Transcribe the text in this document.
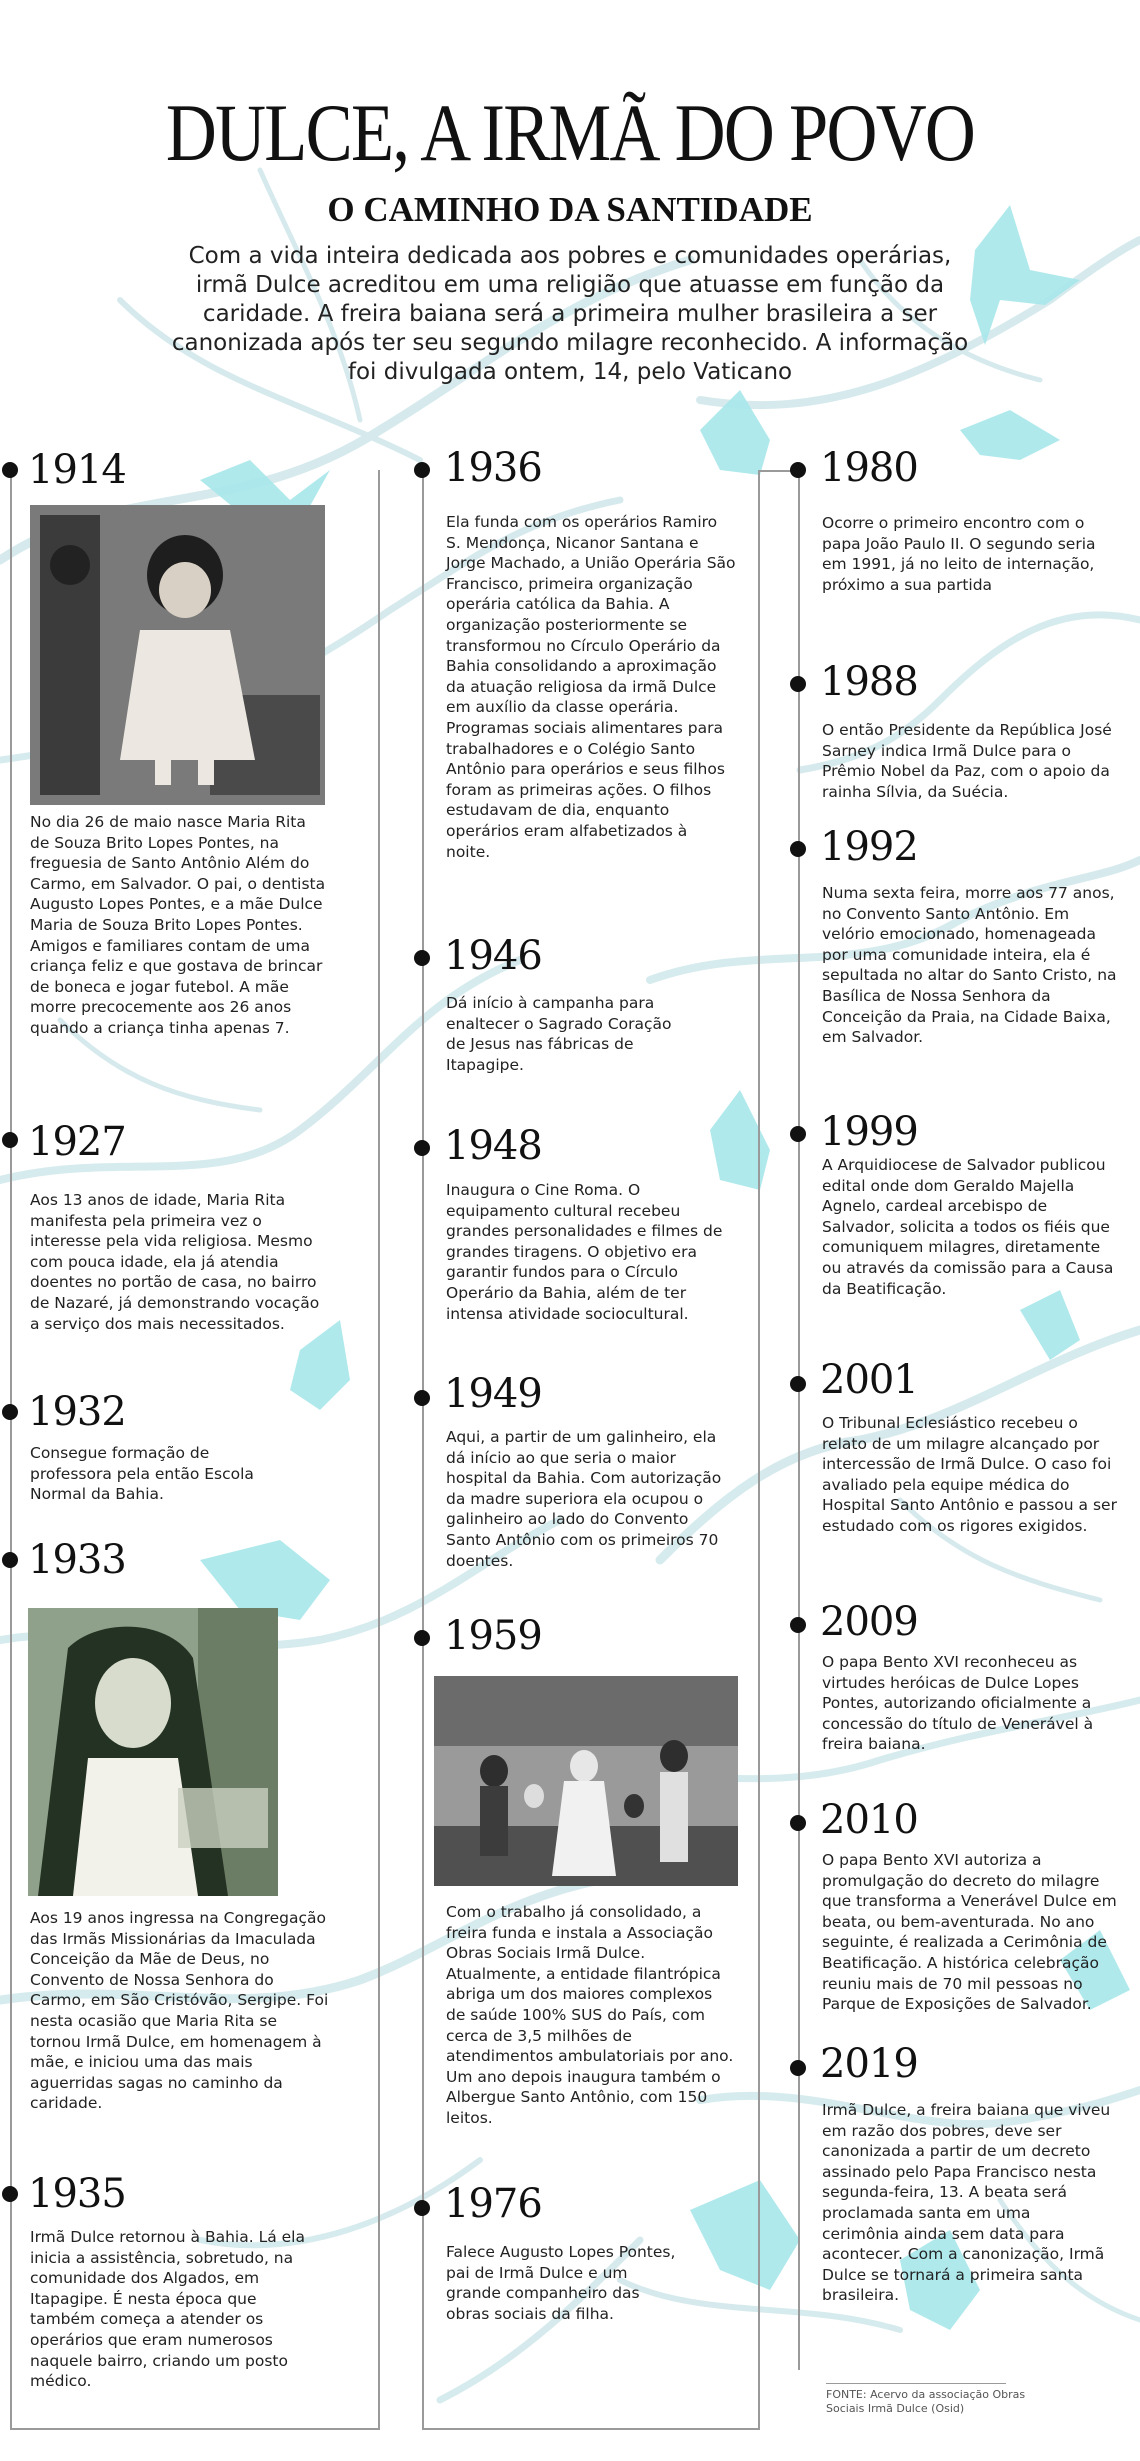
DULCE, A IRMÃ DO POVO
O CAMINHO DA SANTIDADE

Com a vida inteira dedicada aos pobres e comunidades operárias, irmã Dulce acreditou em uma religião que atuasse em função da caridade. A freira baiana será a primeira mulher brasileira a ser canonizada após ter seu segundo milagre reconhecido. A informação foi divulgada ontem, 14, pelo Vaticano

1914
No dia 26 de maio nasce Maria Rita de Souza Brito Lopes Pontes, na freguesia de Santo Antônio Além do Carmo, em Salvador. O pai, o dentista Augusto Lopes Pontes, e a mãe Dulce Maria de Souza Brito Lopes Pontes. Amigos e familiares contam de uma criança feliz e que gostava de brincar de boneca e jogar futebol. A mãe morre precocemente aos 26 anos quando a criança tinha apenas 7.
1927
Aos 13 anos de idade, Maria Rita manifesta pela primeira vez o interesse pela vida religiosa. Mesmo com pouca idade, ela já atendia doentes no portão de casa, no bairro de Nazaré, já demonstrando vocação a serviço dos mais necessitados.
1932
Consegue formação de professora pela então Escola Normal da Bahia.
1933
Aos 19 anos ingressa na Congregação das Irmãs Missionárias da Imaculada Conceição da Mãe de Deus, no Convento de Nossa Senhora do Carmo, em São Cristóvão, Sergipe. Foi nesta ocasião que Maria Rita se tornou Irmã Dulce, em homenagem à mãe, e iniciou uma das mais aguerridas sagas no caminho da caridade.
1935
Irmã Dulce retornou à Bahia. Lá ela inicia a assistência, sobretudo, na comunidade dos Algados, em Itapagipe. É nesta época que também começa a atender os operários que eram numerosos naquele bairro, criando um posto médico.
1936
Ela funda com os operários Ramiro S. Mendonça, Nicanor Santana e Jorge Machado, a União Operária São Francisco, primeira organização operária católica da Bahia. A organização posteriormente se transformou no Círculo Operário da Bahia consolidando a aproximação da atuação religiosa da irmã Dulce em auxílio da classe operária. Programas sociais alimentares para trabalhadores e o Colégio Santo Antônio para operários e seus filhos foram as primeiras ações. O filhos estudavam de dia, enquanto operários eram alfabetizados à noite.
1946
Dá início à campanha para enaltecer o Sagrado Coração de Jesus nas fábricas de Itapagipe.
1948
Inaugura o Cine Roma. O equipamento cultural recebeu grandes personalidades e filmes de grandes tiragens. O objetivo era garantir fundos para o Círculo Operário da Bahia, além de ter intensa atividade sociocultural.
1949
Aqui, a partir de um galinheiro, ela dá início ao que seria o maior hospital da Bahia. Com autorização da madre superiora ela ocupou o galinheiro ao lado do Convento Santo Antônio com os primeiros 70 doentes.
1959
Com o trabalho já consolidado, a freira funda e instala a Associação Obras Sociais Irmã Dulce. Atualmente, a entidade filantrópica abriga um dos maiores complexos de saúde 100% SUS do País, com cerca de 3,5 milhões de atendimentos ambulatoriais por ano. Um ano depois inaugura também o Albergue Santo Antônio, com 150 leitos.
1976
Falece Augusto Lopes Pontes, pai de Irmã Dulce e um grande companheiro das obras sociais da filha.
1980
Ocorre o primeiro encontro com o papa João Paulo II. O segundo seria em 1991, já no leito de internação, próximo a sua partida
1988
O então Presidente da República José Sarney indica Irmã Dulce para o Prêmio Nobel da Paz, com o apoio da rainha Sílvia, da Suécia.
1992
Numa sexta feira, morre aos 77 anos, no Convento Santo Antônio. Em velório emocionado, homenageada por uma comunidade inteira, ela é sepultada no altar do Santo Cristo, na Basílica de Nossa Senhora da Conceição da Praia, na Cidade Baixa, em Salvador.
1999
A Arquidiocese de Salvador publicou edital onde dom Geraldo Majella Agnelo, cardeal arcebispo de Salvador, solicita a todos os fiéis que comuniquem milagres, diretamente ou através da comissão para a Causa da Beatificação.
2001
O Tribunal Eclesiástico recebeu o relato de um milagre alcançado por intercessão de Irmã Dulce. O caso foi avaliado pela equipe médica do Hospital Santo Antônio e passou a ser estudado com os rigores exigidos.
2009
O papa Bento XVI reconheceu as virtudes heróicas de Dulce Lopes Pontes, autorizando oficialmente a concessão do título de Venerável à freira baiana.
2010
O papa Bento XVI autoriza a promulgação do decreto do milagre que transforma a Venerável Dulce em beata, ou bem-aventurada. No ano seguinte, é realizada a Cerimônia de Beatificação. A histórica celebração reuniu mais de 70 mil pessoas no Parque de Exposições de Salvador.
2019
Irmã Dulce, a freira baiana que viveu em razão dos pobres, deve ser canonizada a partir de um decreto assinado pelo Papa Francisco nesta segunda-feira, 13. A beata será proclamada santa em uma cerimônia ainda sem data para acontecer. Com a canonização, Irmã Dulce se tornará a primeira santa brasileira.
FONTE: Acervo da associação Obras Sociais Irmã Dulce (Osid)
